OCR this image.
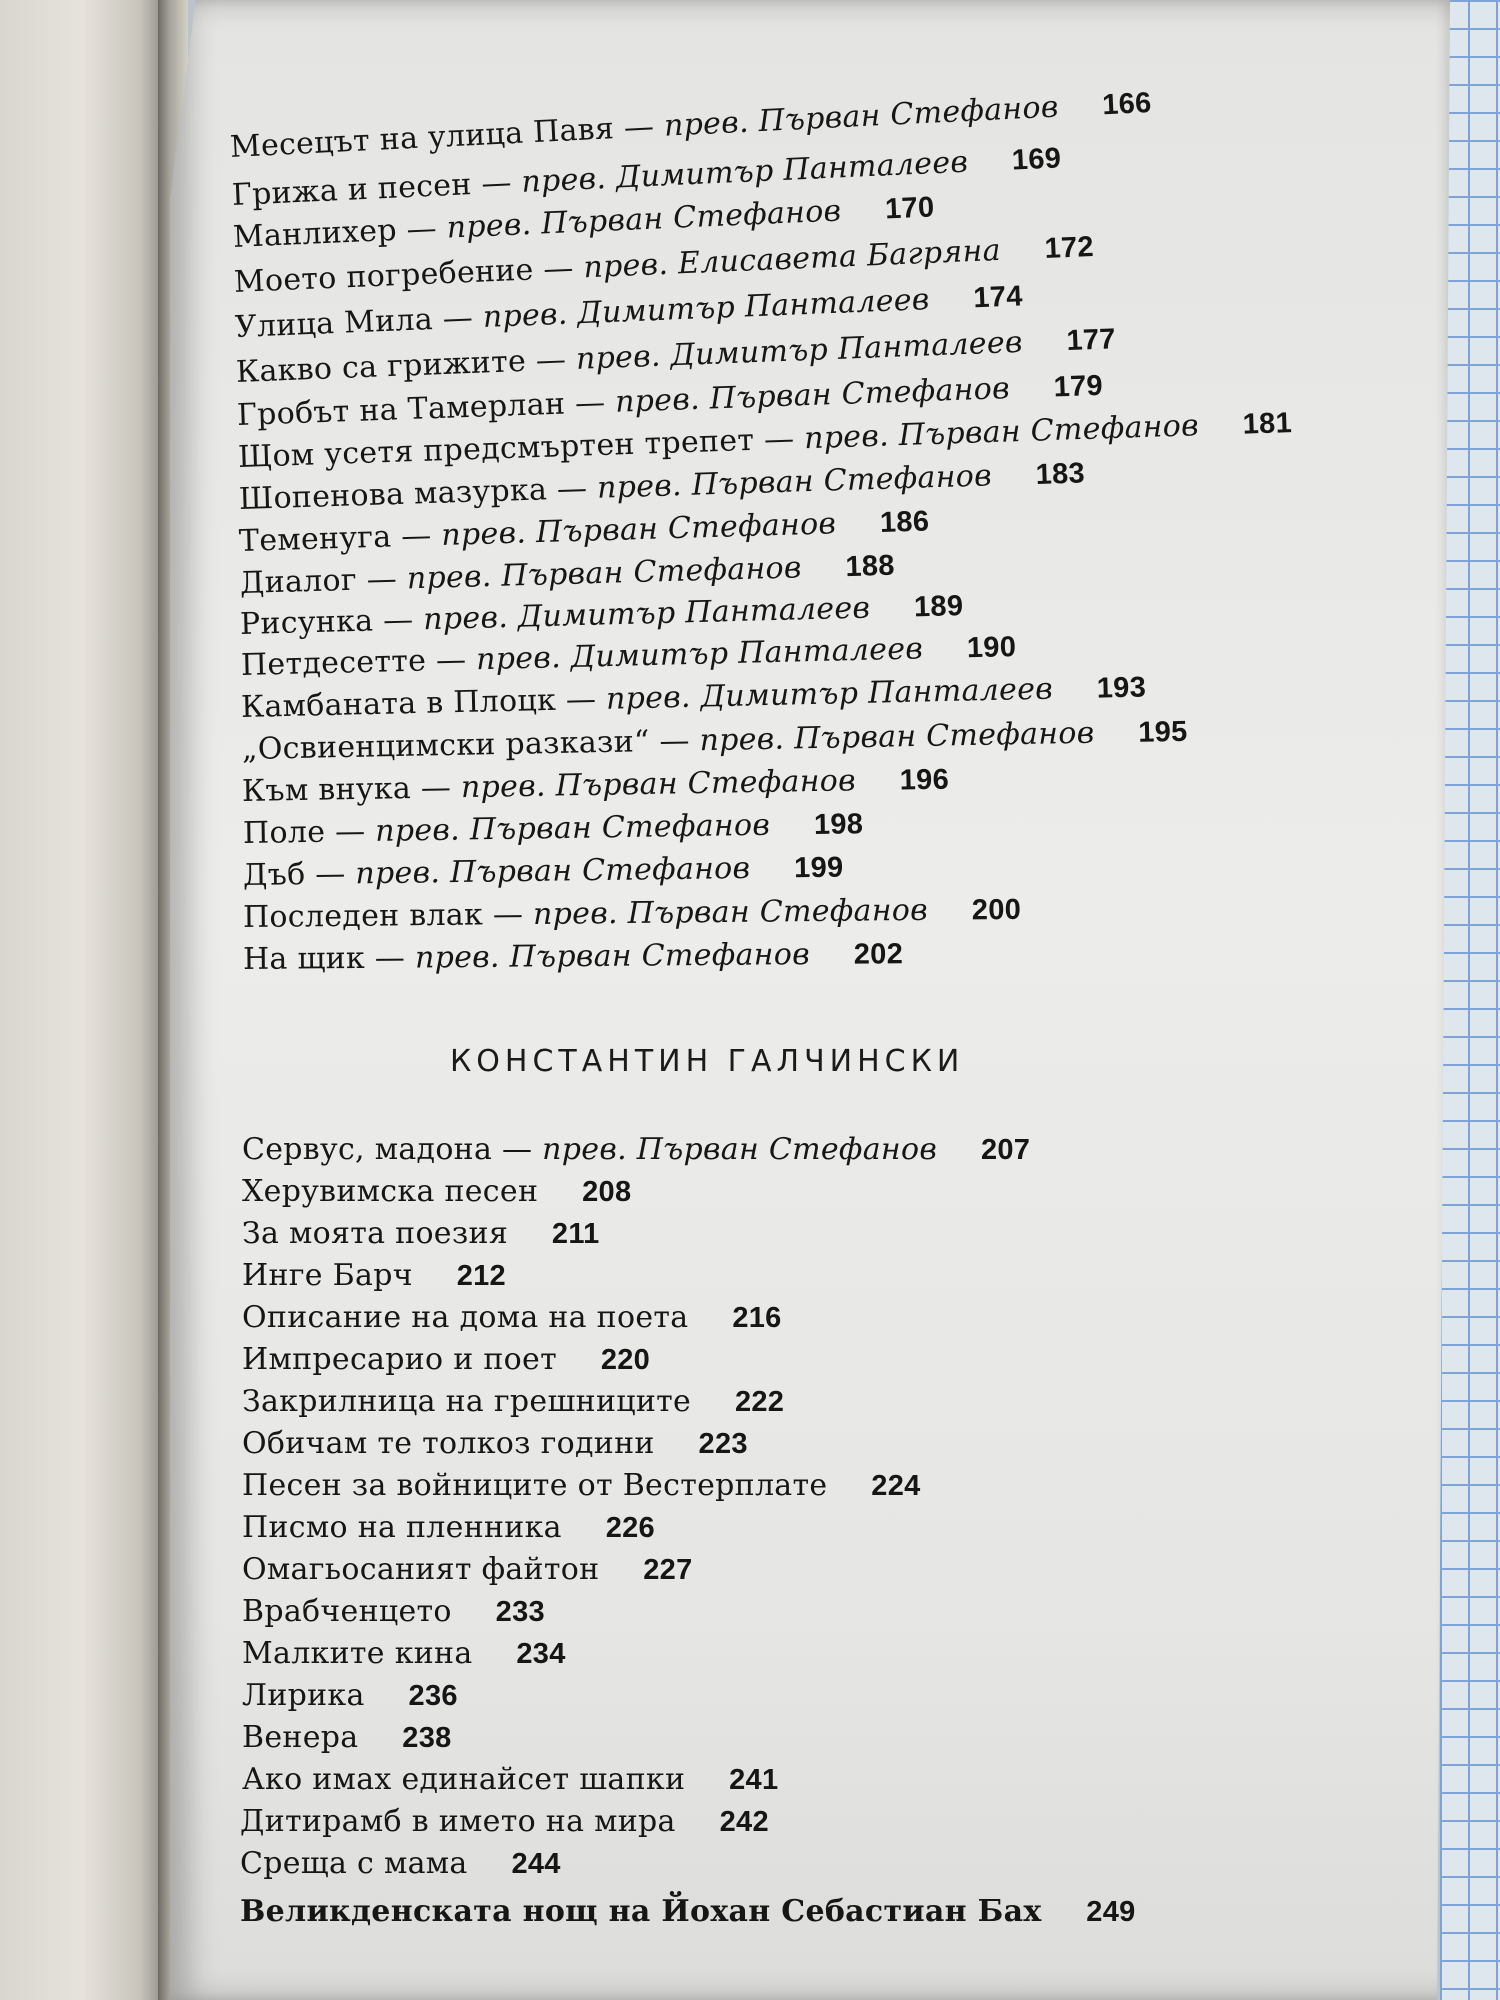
Месецът на улица Павя — прев. Първан Стефанов 166
Грижа и песен — прев. Димитър Панталеев 169
Манлихер — прев. Първан Стефанов 170
Моето погребение — прев. Елисавета Багряна 172
Улица Мила — прев. Димитър Панталеев 174
Какво са грижите — прев. Димитър Панталеев 177
Гробът на Тамерлан — прев. Първан Стефанов 179
Щом усетя предсмъртен трепет — прев. Първан Стефанов 181
Шопенова мазурка — прев. Първан Стефанов 183
Теменуга — прев. Първан Стефанов 186
Диалог — прев. Първан Стефанов 188
Рисунка — прев. Димитър Панталеев 189
Петдесетте — прев. Димитър Панталеев 190
Камбаната в Плоцк — прев. Димитър Панталеев 193
„Освиенцимски разкази“ — прев. Първан Стефанов 195
Към внука — прев. Първан Стефанов 196
Поле — прев. Първан Стефанов 198
Дъб — прев. Първан Стефанов 199
Последен влак — прев. Първан Стефанов 200
На щик — прев. Първан Стефанов 202
КОНСТАНТИН ГАЛЧИНСКИ
Сервус, мадона — прев. Първан Стефанов 207
Херувимска песен 208
За моята поезия 211
Инге Барч 212
Описание на дома на поета 216
Импресарио и поет 220
Закрилница на грешниците 222
Обичам те толкоз години 223
Песен за войниците от Вестерплате 224
Писмо на пленника 226
Омагьосаният файтон 227
Врабченцето 233
Малките кина 234
Лирика 236
Венера 238
Ако имах единайсет шапки 241
Дитирамб в името на мира 242
Среща с мама 244
Великденската нощ на Йохан Себастиан Бах 249
